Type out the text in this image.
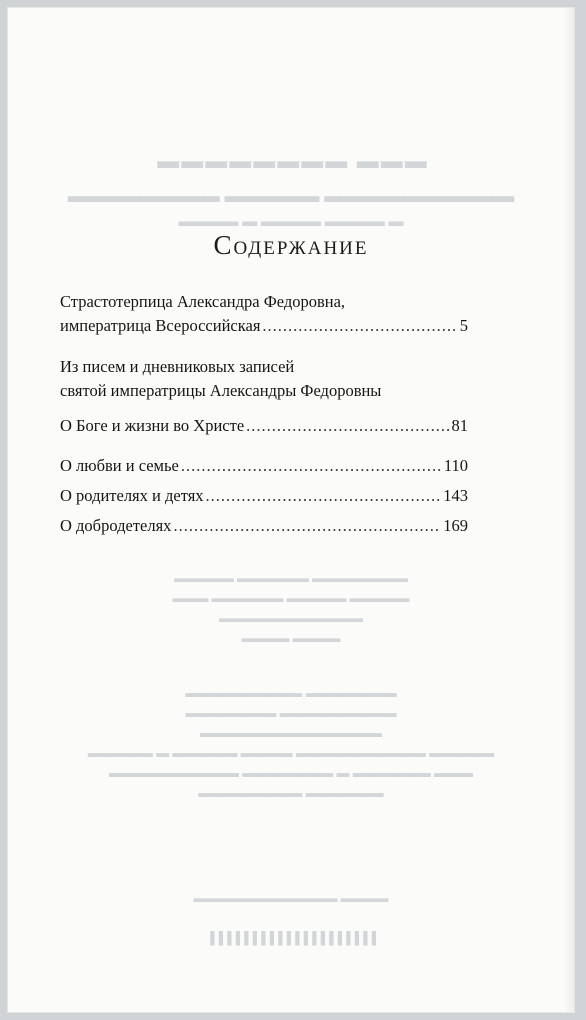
▬▬▬ ▬▬▬▬▬▬▬▬
▬▬▬▬▬▬▬▬▬▬ ▬▬▬▬▬ ▬▬▬▬▬▬▬▬
▬ ▬▬▬▬ ▬▬▬▬ ▬ ▬▬▬▬
▬▬▬▬▬▬▬▬ ▬▬▬▬▬▬ ▬▬▬▬▬
▬▬▬▬▬ ▬▬▬▬▬ ▬▬▬▬▬▬ ▬▬▬
▬▬▬▬▬▬▬▬▬▬▬▬
▬▬▬▬ ▬▬▬▬
▬▬▬▬▬▬▬ ▬▬▬▬▬▬▬▬▬
▬▬▬▬▬▬▬▬▬ ▬▬▬▬▬▬▬
▬▬▬▬▬▬▬▬▬▬▬▬▬▬
▬▬▬▬▬ ▬▬▬▬▬▬▬▬▬▬ ▬▬▬▬ ▬▬▬▬▬ ▬ ▬▬▬▬▬
▬▬▬ ▬▬▬▬▬▬ ▬ ▬▬▬▬▬▬▬ ▬▬▬▬▬▬▬▬▬▬
▬▬▬▬▬▬ ▬▬▬▬▬▬▬▬
▬▬▬▬ ▬▬▬▬▬▬▬▬▬▬▬▬

▌▌▌▌▌▌▌▌▌▌▌▌▌▌▌▌▌▌▌▌
Содержание
Страстотерпица Александра Федоровна,
императрица Всероссийская .....	5
Из писем и дневниковых записей
святой императрицы Александры Федоровны
О Боге и жизни во Христе .....	81
О любви и семье .....	110
О родителях и детях .....	143
О добродетелях .....	169
